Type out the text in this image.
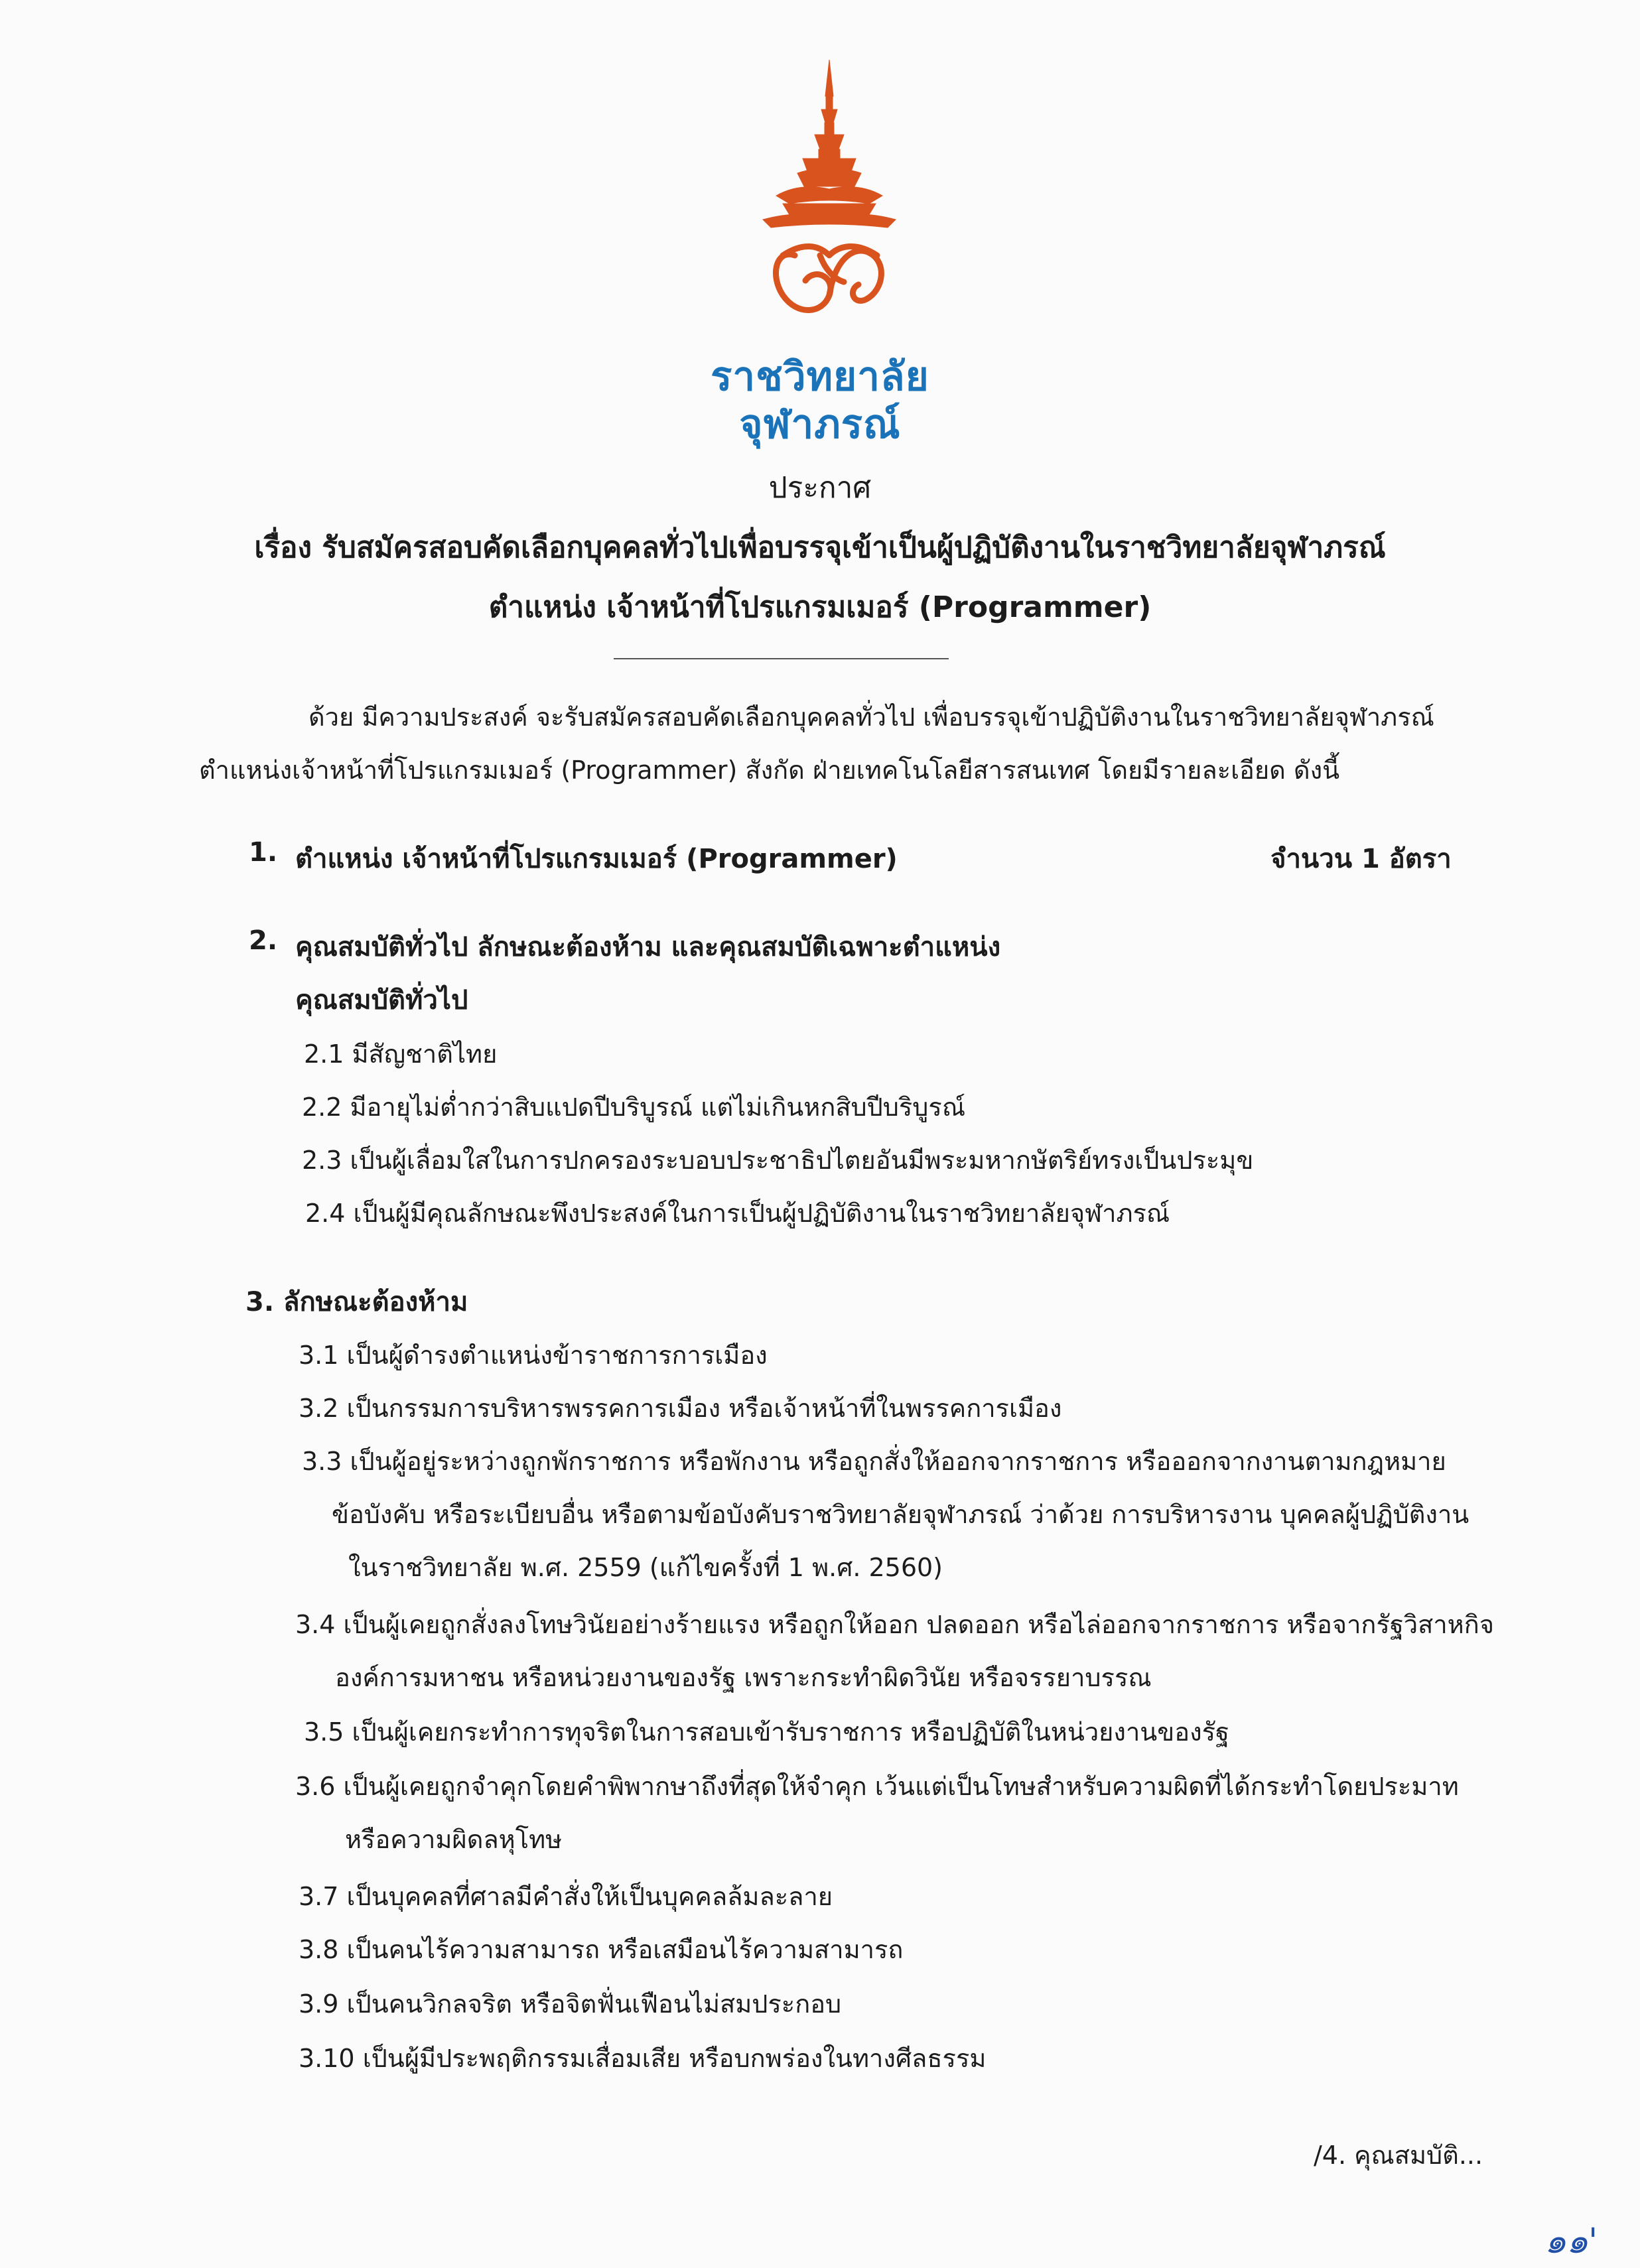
ราชวิทยาลัย
จุฬาภรณ์
ประกาศ
เรื่อง รับสมัครสอบคัดเลือกบุคคลทั่วไปเพื่อบรรจุเข้าเป็นผู้ปฏิบัติงานในราชวิทยาลัยจุฬาภรณ์
ตำแหน่ง เจ้าหน้าที่โปรแกรมเมอร์ (Programmer)
ด้วย มีความประสงค์ จะรับสมัครสอบคัดเลือกบุคคลทั่วไป เพื่อบรรจุเข้าปฏิบัติงานในราชวิทยาลัยจุฬาภรณ์
ตำแหน่งเจ้าหน้าที่โปรแกรมเมอร์ (Programmer) สังกัด ฝ่ายเทคโนโลยีสารสนเทศ โดยมีรายละเอียด ดังนี้
1. ตำแหน่ง เจ้าหน้าที่โปรแกรมเมอร์ (Programmer)	จำนวน 1 อัตรา
2. คุณสมบัติทั่วไป ลักษณะต้องห้าม และคุณสมบัติเฉพาะตำแหน่ง
คุณสมบัติทั่วไป
2.1 มีสัญชาติไทย
2.2 มีอายุไม่ต่ำกว่าสิบแปดปีบริบูรณ์ แต่ไม่เกินหกสิบปีบริบูรณ์
2.3 เป็นผู้เลื่อมใสในการปกครองระบอบประชาธิปไตยอันมีพระมหากษัตริย์ทรงเป็นประมุข
2.4 เป็นผู้มีคุณลักษณะพึงประสงค์ในการเป็นผู้ปฏิบัติงานในราชวิทยาลัยจุฬาภรณ์
3. ลักษณะต้องห้าม
3.1 เป็นผู้ดำรงตำแหน่งข้าราชการการเมือง
3.2 เป็นกรรมการบริหารพรรคการเมือง หรือเจ้าหน้าที่ในพรรคการเมือง
3.3 เป็นผู้อยู่ระหว่างถูกพักราชการ หรือพักงาน หรือถูกสั่งให้ออกจากราชการ หรือออกจากงานตามกฎหมาย
ข้อบังคับ หรือระเบียบอื่น หรือตามข้อบังคับราชวิทยาลัยจุฬาภรณ์ ว่าด้วย การบริหารงาน บุคคลผู้ปฏิบัติงาน
ในราชวิทยาลัย พ.ศ. 2559 (แก้ไขครั้งที่ 1 พ.ศ. 2560)
3.4 เป็นผู้เคยถูกสั่งลงโทษวินัยอย่างร้ายแรง หรือถูกให้ออก ปลดออก หรือไล่ออกจากราชการ หรือจากรัฐวิสาหกิจ
องค์การมหาชน หรือหน่วยงานของรัฐ เพราะกระทำผิดวินัย หรือจรรยาบรรณ
3.5 เป็นผู้เคยกระทำการทุจริตในการสอบเข้ารับราชการ หรือปฏิบัติในหน่วยงานของรัฐ
3.6 เป็นผู้เคยถูกจำคุกโดยคำพิพากษาถึงที่สุดให้จำคุก เว้นแต่เป็นโทษสำหรับความผิดที่ได้กระทำโดยประมาท
หรือความผิดลหุโทษ
3.7 เป็นบุคคลที่ศาลมีคำสั่งให้เป็นบุคคลล้มละลาย
3.8 เป็นคนไร้ความสามารถ หรือเสมือนไร้ความสามารถ
3.9 เป็นคนวิกลจริต หรือจิตฟั่นเฟือนไม่สมประกอบ
3.10 เป็นผู้มีประพฤติกรรมเสื่อมเสีย หรือบกพร่องในทางศีลธรรม
/4. คุณสมบัติ...
๑๑'
